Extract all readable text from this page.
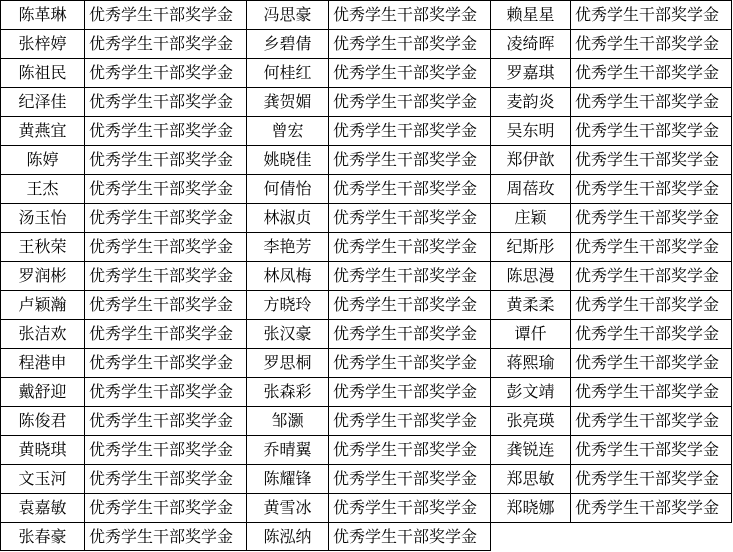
陈革琳	优秀学生干部奖学金	冯思豪	优秀学生干部奖学金	赖星星	优秀学生干部奖学金
张梓婷	优秀学生干部奖学金	乡碧倩	优秀学生干部奖学金	凌绮晖	优秀学生干部奖学金
陈祖民	优秀学生干部奖学金	何桂红	优秀学生干部奖学金	罗嘉琪	优秀学生干部奖学金
纪泽佳	优秀学生干部奖学金	龚贺媚	优秀学生干部奖学金	麦韵炎	优秀学生干部奖学金
黄燕宜	优秀学生干部奖学金	曾宏	优秀学生干部奖学金	吴东明	优秀学生干部奖学金
陈婷	优秀学生干部奖学金	姚晓佳	优秀学生干部奖学金	郑伊歆	优秀学生干部奖学金
王杰	优秀学生干部奖学金	何倩怡	优秀学生干部奖学金	周蓓玫	优秀学生干部奖学金
汤玉怡	优秀学生干部奖学金	林淑贞	优秀学生干部奖学金	庄颖	优秀学生干部奖学金
王秋荣	优秀学生干部奖学金	李艳芳	优秀学生干部奖学金	纪斯彤	优秀学生干部奖学金
罗润彬	优秀学生干部奖学金	林凤梅	优秀学生干部奖学金	陈思漫	优秀学生干部奖学金
卢颖瀚	优秀学生干部奖学金	方晓玲	优秀学生干部奖学金	黄柔柔	优秀学生干部奖学金
张洁欢	优秀学生干部奖学金	张汉豪	优秀学生干部奖学金	谭仟	优秀学生干部奖学金
程港申	优秀学生干部奖学金	罗思桐	优秀学生干部奖学金	蒋熙瑜	优秀学生干部奖学金
戴舒迎	优秀学生干部奖学金	张森彩	优秀学生干部奖学金	彭文靖	优秀学生干部奖学金
陈俊君	优秀学生干部奖学金	邹灏	优秀学生干部奖学金	张亮瑛	优秀学生干部奖学金
黄晓琪	优秀学生干部奖学金	乔晴翼	优秀学生干部奖学金	龚锐连	优秀学生干部奖学金
文玉河	优秀学生干部奖学金	陈耀锋	优秀学生干部奖学金	郑思敏	优秀学生干部奖学金
袁嘉敏	优秀学生干部奖学金	黄雪冰	优秀学生干部奖学金	郑晓娜	优秀学生干部奖学金
张春豪	优秀学生干部奖学金	陈泓纳	优秀学生干部奖学金		
